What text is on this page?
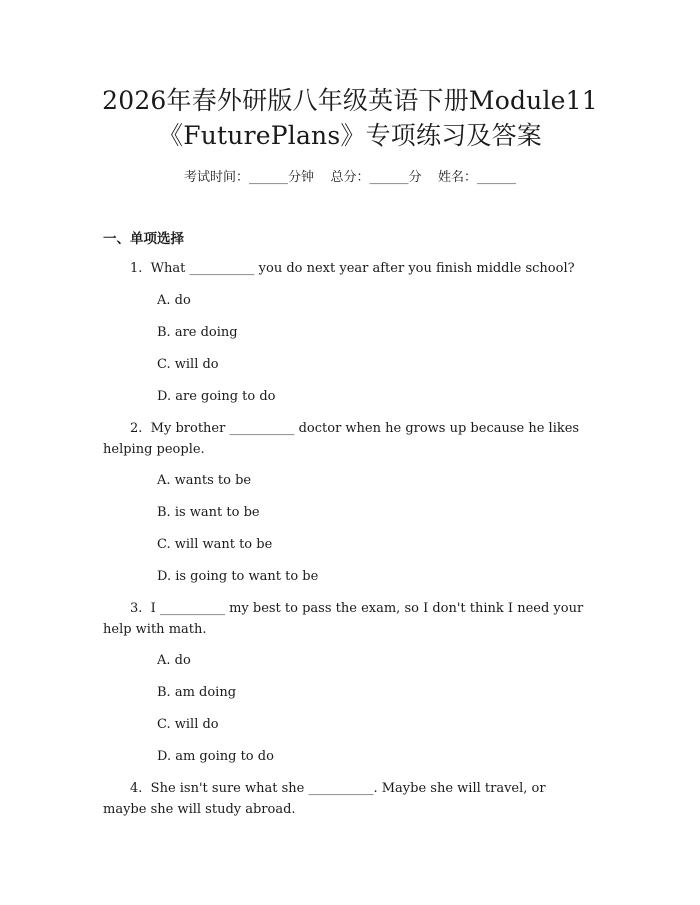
2026年春外研版八年级英语下册Module11
《FuturePlans》专项练习及答案
考试时间：______分钟    总分：______分    姓名：______
一、单项选择
1. What __________ you do next year after you finish middle school?
A. do
B. are doing
C. will do
D. are going to do
2. My brother __________ doctor when he grows up because he likes helping people.
A. wants to be
B. is want to be
C. will want to be
D. is going to want to be
3. I __________ my best to pass the exam, so I don't think I need your help with math.
A. do
B. am doing
C. will do
D. am going to do
4. She isn't sure what she __________. Maybe she will travel, or maybe she will study abroad.
